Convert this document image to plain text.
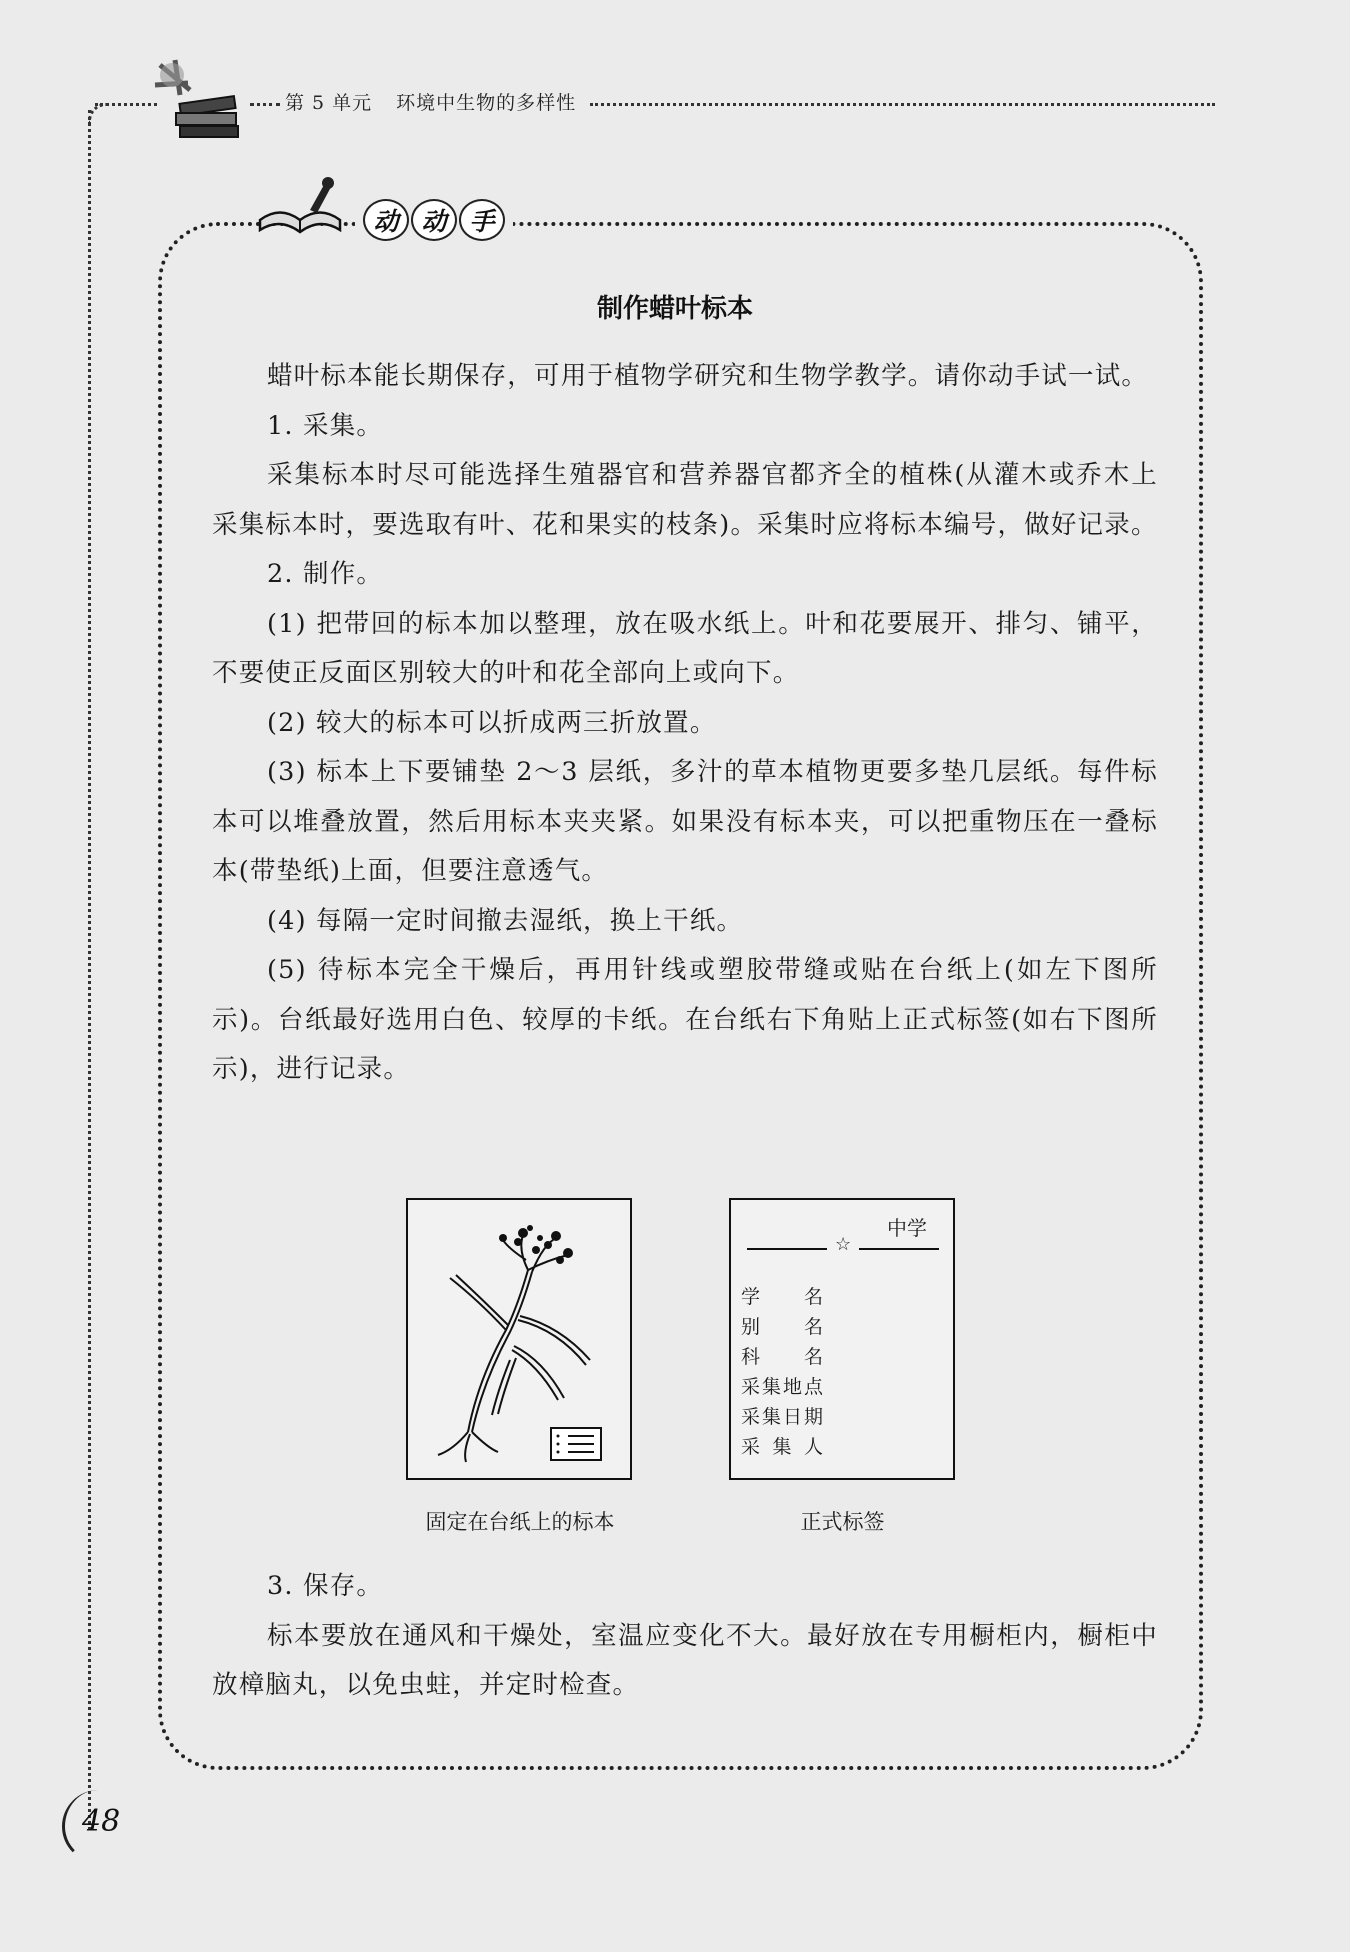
第 5 单元 环境中生物的多样性
动 动 手
制作蜡叶标本

蜡叶标本能长期保存，可用于植物学研究和生物学教学。请你动手试一试。

1. 采集。

采集标本时尽可能选择生殖器官和营养器官都齐全的植株(从灌木或乔木上采集标本时，要选取有叶、花和果实的枝条)。采集时应将标本编号，做好记录。

2. 制作。

(1) 把带回的标本加以整理，放在吸水纸上。叶和花要展开、排匀、铺平，不要使正反面区别较大的叶和花全部向上或向下。

(2) 较大的标本可以折成两三折放置。

(3) 标本上下要铺垫 2～3 层纸，多汁的草本植物更要多垫几层纸。每件标本可以堆叠放置，然后用标本夹夹紧。如果没有标本夹，可以把重物压在一叠标本(带垫纸)上面，但要注意透气。

(4) 每隔一定时间撤去湿纸，换上干纸。

(5) 待标本完全干燥后，再用针线或塑胶带缝或贴在台纸上(如左下图所示)。台纸最好选用白色、较厚的卡纸。在台纸右下角贴上正式标签(如右下图所示)，进行记录。

中学
☆
学　名
别　名
科　名
采集地点
采集日期
采 集 人
固定在台纸上的标本	正式标签

3. 保存。

标本要放在通风和干燥处，室温应变化不大。最好放在专用橱柜内，橱柜中放樟脑丸，以免虫蛀，并定时检查。

48
